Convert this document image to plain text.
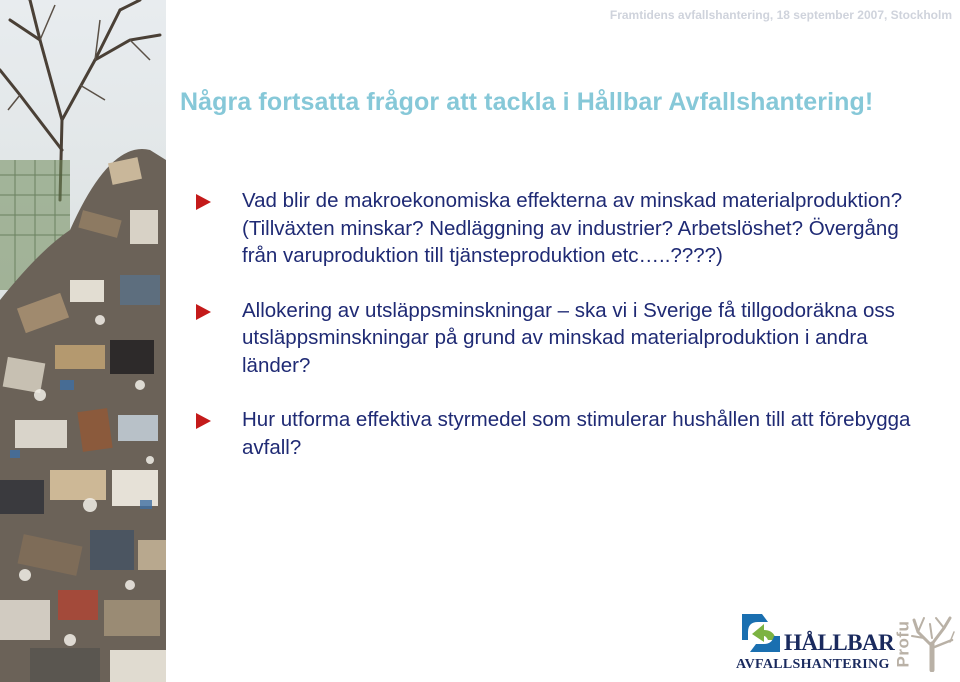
Framtidens avfallshantering, 18 september 2007, Stockholm
Några fortsatta frågor att tackla i Hållbar Avfallshantering!
Vad blir de makroekonomiska effekterna av minskad materialproduktion? (Tillväxten minskar? Nedläggning av industrier? Arbetslöshet? Övergång från varuproduktion till tjänsteproduktion etc…..????)
Allokering av utsläppsminskningar – ska vi i Sverige få tillgodoräkna oss utsläppsminskningar på grund av minskad materialproduktion i andra länder?
Hur utforma effektiva styrmedel som stimulerar hushållen till att förebygga avfall?
HÅLLBAR
AVFALLSHANTERING Profu
